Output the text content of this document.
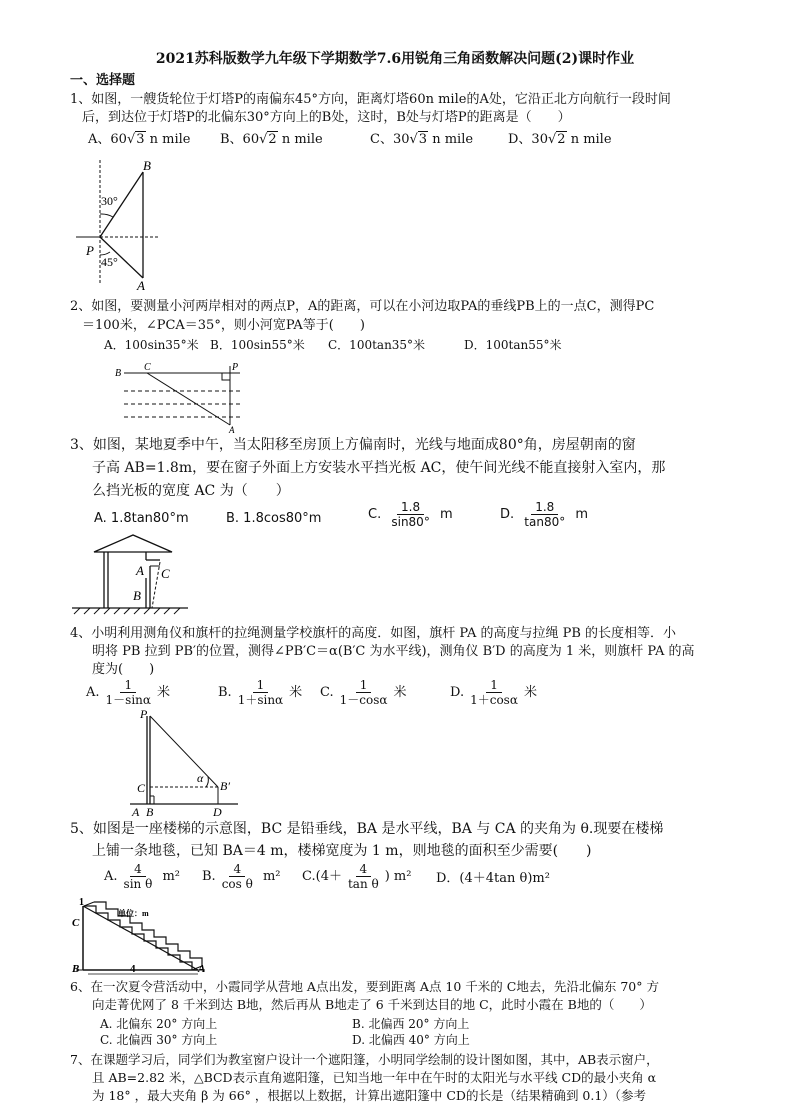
2021苏科版数学九年级下学期数学7.6用锐角三角函数解决问题(2)课时作业
一、选择题
1、如图，一艘货轮位于灯塔P的南偏东45°方向，距离灯塔60n mile的A处，它沿正北方向航行一段时间
后，到达位于灯塔P的北偏东30°方向上的B处，这时，B处与灯塔P的距离是（　　）
A、60√3 n mile B、60√2 n mile	C、30√3 n mile	D、30√2 n mile
B
P
A
30°
45°
2、如图，要测量小河两岸相对的两点P，A的距离，可以在小河边取PA的垂线PB上的一点C，测得PC
＝100米，∠PCA＝35°，则小河宽PA等于(　　)
A．100sin35°米 B．100sin55°米 C．100tan35°米	D．100tan55°米
B
C	P
A
3、如图，某地夏季中午，当太阳移至房顶上方偏南时，光线与地面成80°角，房屋朝南的窗
子高 AB=1.8m，要在窗子外面上方安装水平挡光板 AC，使午间光线不能直接射入室内，那
么挡光板的宽度 AC 为（　　）
A. 1.8tan80°m	B. 1.8cos80°m	C. $\frac{1.8}{\sin 80^\circ}$ m	D. $\frac{1.8}{\tan 80^\circ}$ m
A C
B
4、小明利用测角仪和旗杆的拉绳测量学校旗杆的高度．如图，旗杆 PA 的高度与拉绳 PB 的长度相等．小
明将 PB 拉到 PB′的位置，测得∠PB′C＝α(B′C 为水平线)，测角仪 B′D 的高度为 1 米，则旗杆 PA 的高
度为(　　)
A. $\frac{1}{1-\sin\alpha}$ 米	B. $\frac{1}{1+\sin\alpha}$ 米 C. $\frac{1}{1-\cos\alpha}$ 米	D. $\frac{1}{1+\cos\alpha}$ 米
P
C
A B	D
B′
α
5、如图是一座楼梯的示意图，BC 是铅垂线，BA 是水平线，BA 与 CA 的夹角为 θ.现要在楼梯
上铺一条地毯，已知 BA＝4 m，楼梯宽度为 1 m，则地毯的面积至少需要(　　)
A. $\frac{4}{\text{sin θ}} m^2$ B. $\frac{4}{\text{cos θ}} m^2$ $C.(4+ \frac{4}{\text{tan θ}}$ ) m² D．(4＋4tan θ)m²
1
单位：m
C
B	A
4
6、在一次夏令营活动中，小霞同学从营地 A点出发，要到距离 A点 10 千米的 C地去，先沿北偏东 70° 方
向走菁优网了 8 千米到达 B地，然后再从 B地走了 6 千米到达目的地 C，此时小霞在 B地的（　　）
A. 北偏东 20° 方向上	B. 北偏西 20° 方向上
C. 北偏西 30° 方向上	D. 北偏西 40° 方向上
7、在课题学习后，同学们为教室窗户设计一个遮阳篷，小明同学绘制的设计图如图，其中，AB表示窗户，
且 AB=2.82 米，△BCD表示直角遮阳篷，已知当地一年中在午时的太阳光与水平线 CD的最小夹角 α
为 18° ，最大夹角 β 为 66° ，根据以上数据，计算出遮阳篷中 CD的长是（结果精确到 0.1）（参考
